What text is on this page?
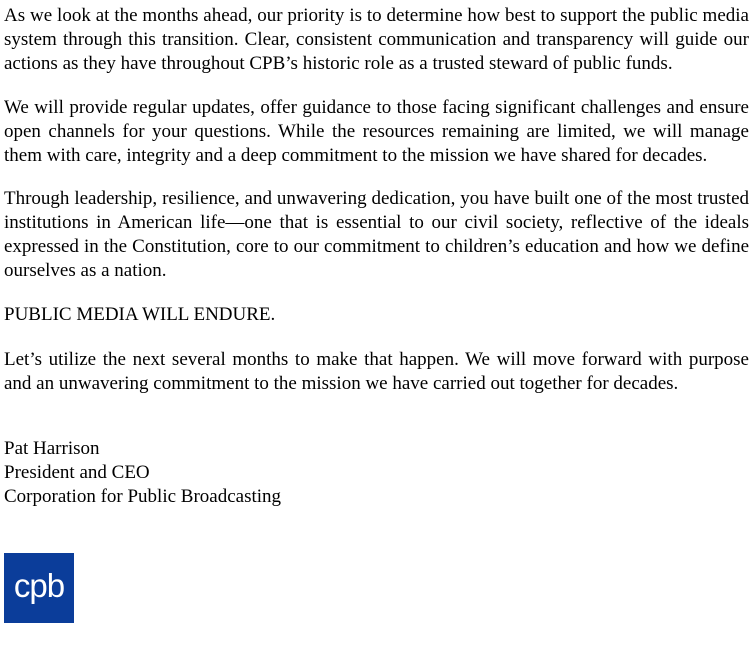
As we look at the months ahead, our priority is to determine how best to support the public media system through this transition. Clear, consistent communication and transparency will guide our actions as they have throughout CPB’s historic role as a trusted steward of public funds.

We will provide regular updates, offer guidance to those facing significant challenges and ensure open channels for your questions. While the resources remaining are limited, we will manage them with care, integrity and a deep commitment to the mission we have shared for decades.

Through leadership, resilience, and unwavering dedication, you have built one of the most trusted institutions in American life—one that is essential to our civil society, reflective of the ideals expressed in the Constitution, core to our commitment to children’s education and how we define ourselves as a nation.

PUBLIC MEDIA WILL ENDURE.

Let’s utilize the next several months to make that happen. We will move forward with purpose and an unwavering commitment to the mission we have carried out together for decades.

Pat Harrison
President and CEO
Corporation for Public Broadcasting
cpb
